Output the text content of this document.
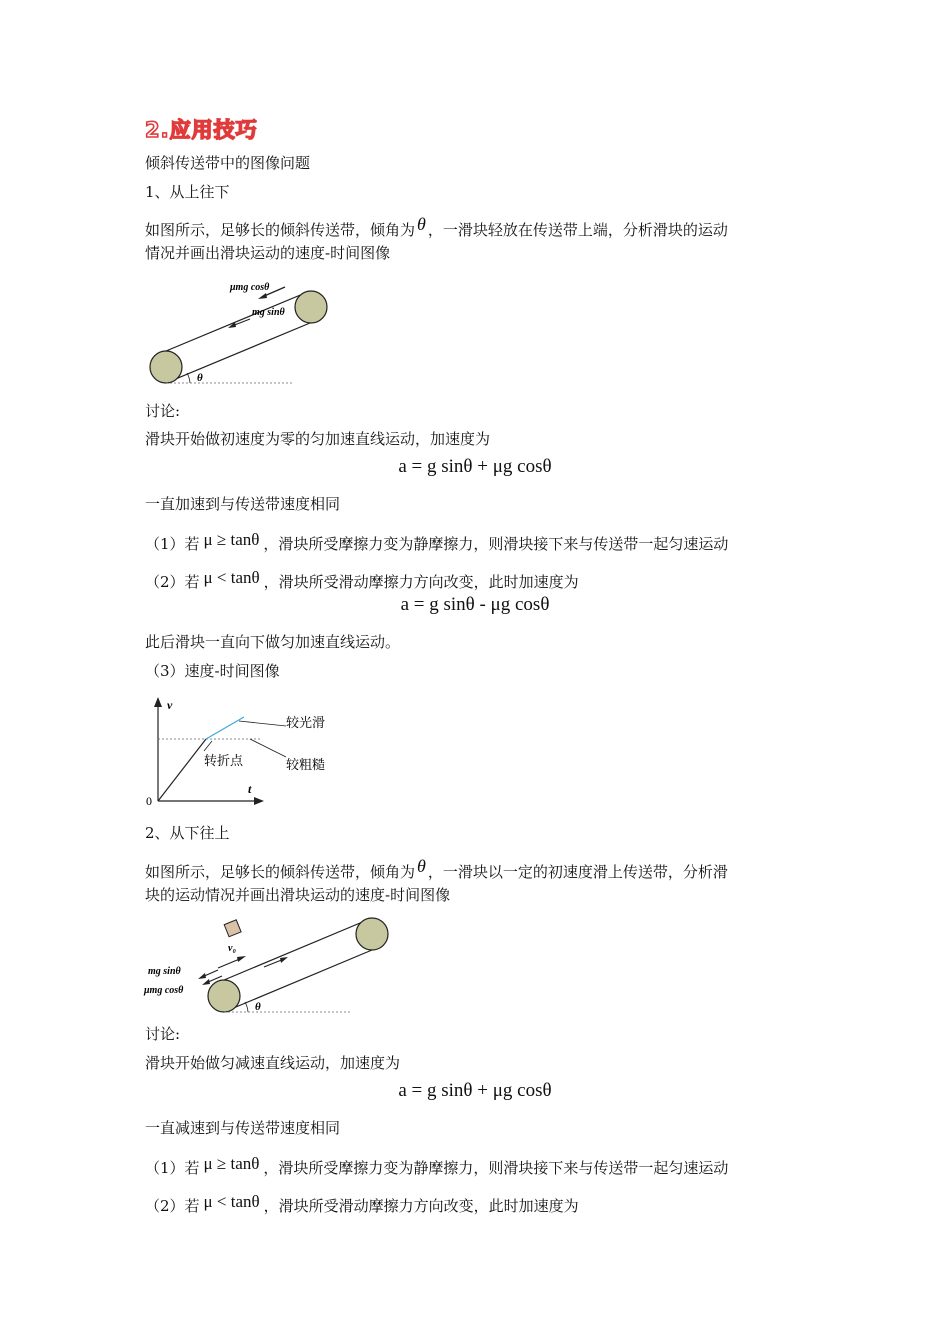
2.应用技巧
倾斜传送带中的图像问题
1、从上往下
如图所示，足够长的倾斜传送带，倾角为 θ ，一滑块轻放在传送带上端，分析滑块的运动
情况并画出滑块运动的速度-时间图像
θ
μmg cosθ
mg sinθ
讨论:
滑块开始做初速度为零的匀加速直线运动，加速度为
a = g sinθ + μg cosθ
一直加速到与传送带速度相同
（1）若 μ ≥ tanθ ，滑块所受摩擦力变为静摩擦力，则滑块接下来与传送带一起匀速运动
（2）若 μ < tanθ ，滑块所受滑动摩擦力方向改变，此时加速度为
a = g sinθ - μg cosθ
此后滑块一直向下做匀加速直线运动。
（3）速度-时间图像
v
t
0
较光滑
较粗糙
转折点
2、从下往上
如图所示，足够长的倾斜传送带，倾角为 θ ，一滑块以一定的初速度滑上传送带，分析滑
块的运动情况并画出滑块运动的速度-时间图像
θ
v₀
mg sinθ
μmg cosθ
讨论:
滑块开始做匀减速直线运动，加速度为
a = g sinθ + μg cosθ
一直减速到与传送带速度相同
（1）若 μ ≥ tanθ ，滑块所受摩擦力变为静摩擦力，则滑块接下来与传送带一起匀速运动
（2）若 μ < tanθ ，滑块所受滑动摩擦力方向改变，此时加速度为
